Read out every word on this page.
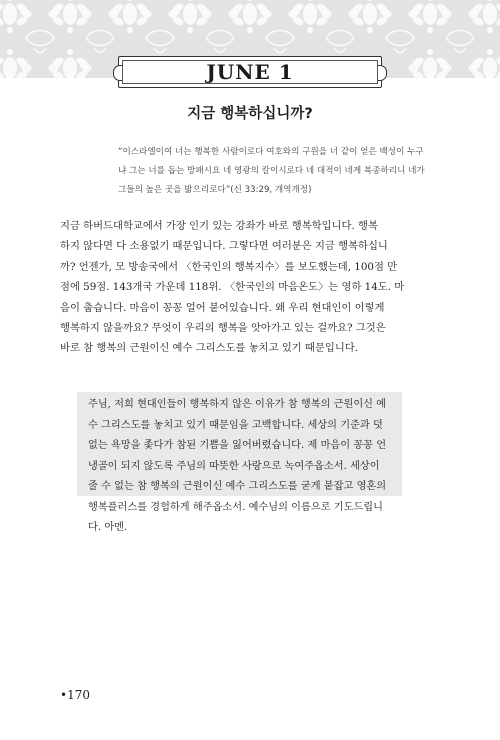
JUNE 1
지금 행복하십니까?
“이스라엘이여 너는 행복한 사람이로다 여호와의 구원을 너 같이 얻은 백성이 누구
냐 그는 너를 돕는 방패시요 네 영광의 칼이시로다 네 대적이 네게 복종하리니 네가
그들의 높은 곳을 밟으리로다”(신 33:29, 개역개정)
지금 하버드대학교에서 가장 인기 있는 강좌가 바로 행복학입니다. 행복
하지 않다면 다 소용없기 때문입니다. 그렇다면 여러분은 지금 행복하십니
까? 언젠가, 모 방송국에서 〈한국인의 행복지수〉를 보도했는데, 100점 만
점에 59점. 143개국 가운데 118위. 〈한국인의 마음온도〉는 영하 14도. 마
음이 춥습니다. 마음이 꽁꽁 얼어 붙어있습니다. 왜 우리 현대인이 이렇게
행복하지 않을까요? 무엇이 우리의 행복을 앗아가고 있는 걸까요? 그것은
바로 참 행복의 근원이신 예수 그리스도를 놓치고 있기 때문입니다.
주님, 저희 현대인들이 행복하지 않은 이유가 참 행복의 근원이신 예
수 그리스도를 놓치고 있기 때문임을 고백합니다. 세상의 기준과 덧
없는 욕망을 좇다가 참된 기쁨을 잃어버렸습니다. 제 마음이 꽁꽁 언
냉골이 되지 않도록 주님의 따뜻한 사랑으로 녹여주옵소서. 세상이
줄 수 없는 참 행복의 근원이신 예수 그리스도를 굳게 붙잡고 영혼의
행복플러스를 경험하게 해주옵소서. 예수님의 이름으로 기도드립니
다. 아멘.
•170
